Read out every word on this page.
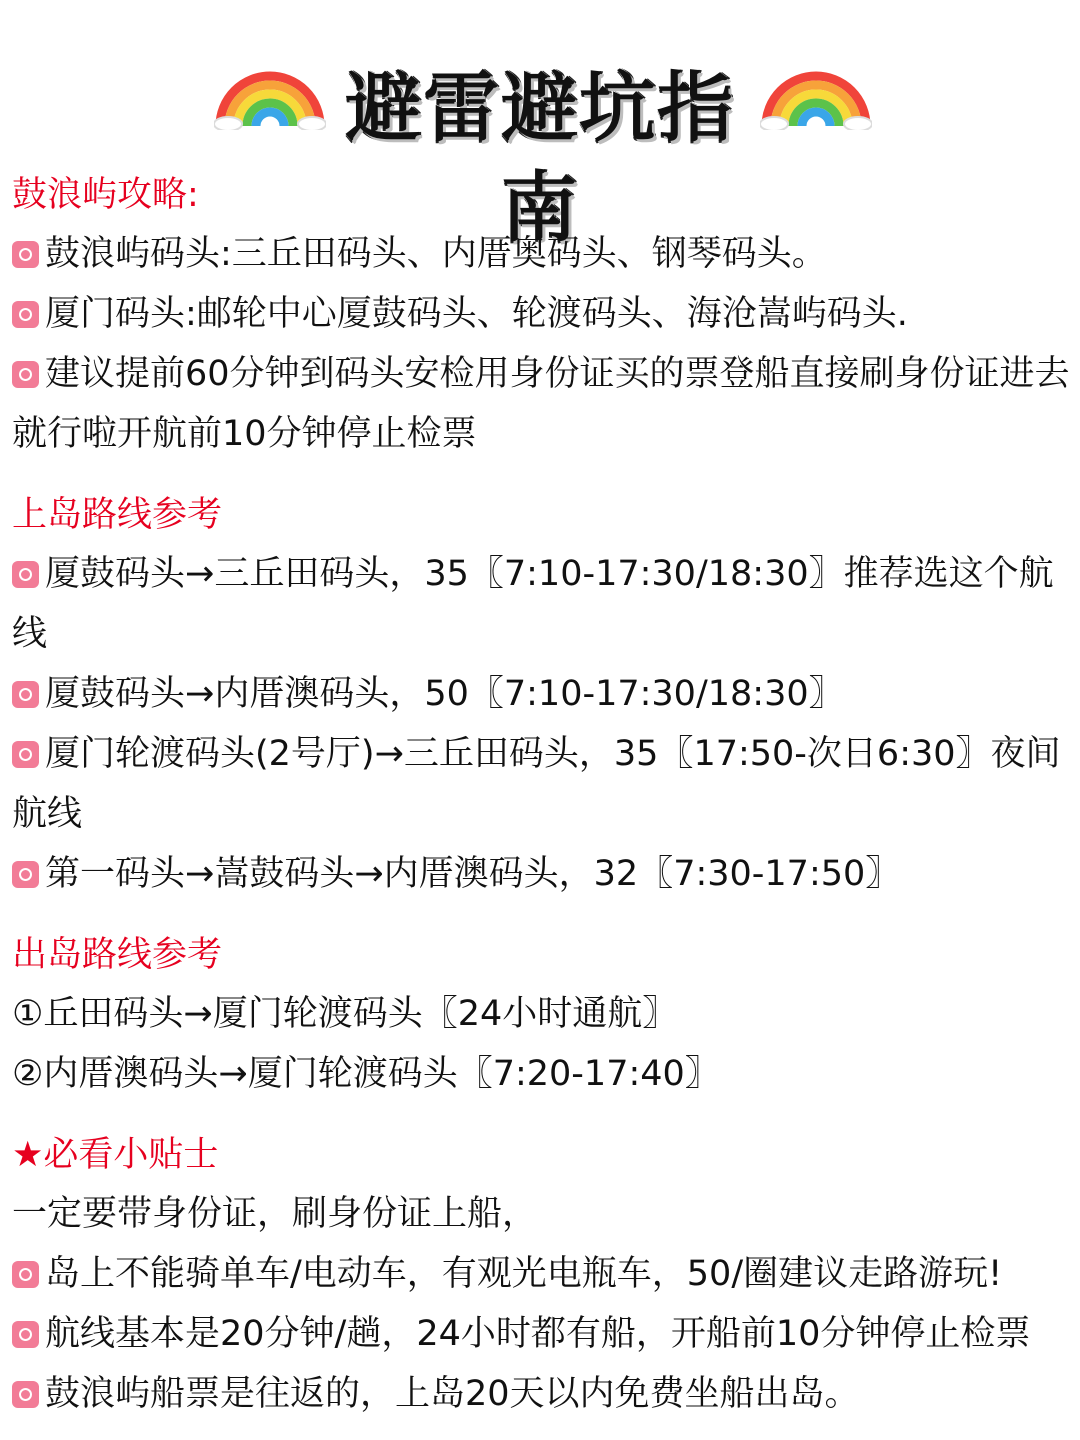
避雷避坑指南
鼓浪屿攻略:
鼓浪屿码头:三丘田码头、内厝奥码头、钢琴码头。
厦门码头:邮轮中心厦鼓码头、轮渡码头、海沧嵩屿码头.
建议提前60分钟到码头安检用身份证买的票登船直接刷身份证进去就行啦开航前10分钟停止检票
上岛路线参考
厦鼓码头→三丘田码头，35〖7:10-17:30/18:30〗推荐选这个航线
厦鼓码头→内厝澳码头，50〖7:10-17:30/18:30〗
厦门轮渡码头(2号厅)→三丘田码头，35〖17:50-次日6:30〗夜间航线
第一码头→嵩鼓码头→内厝澳码头，32〖7:30-17:50〗
出岛路线参考
①丘田码头→厦门轮渡码头〖24小时通航〗
②内厝澳码头→厦门轮渡码头〖7:20-17:40〗
★必看小贴士
一定要带身份证，刷身份证上船，
岛上不能骑单车/电动车，有观光电瓶车，50/圈建议走路游玩!
航线基本是20分钟/趟，24小时都有船，开船前10分钟停止检票
鼓浪屿船票是往返的，上岛20天以内免费坐船出岛。
